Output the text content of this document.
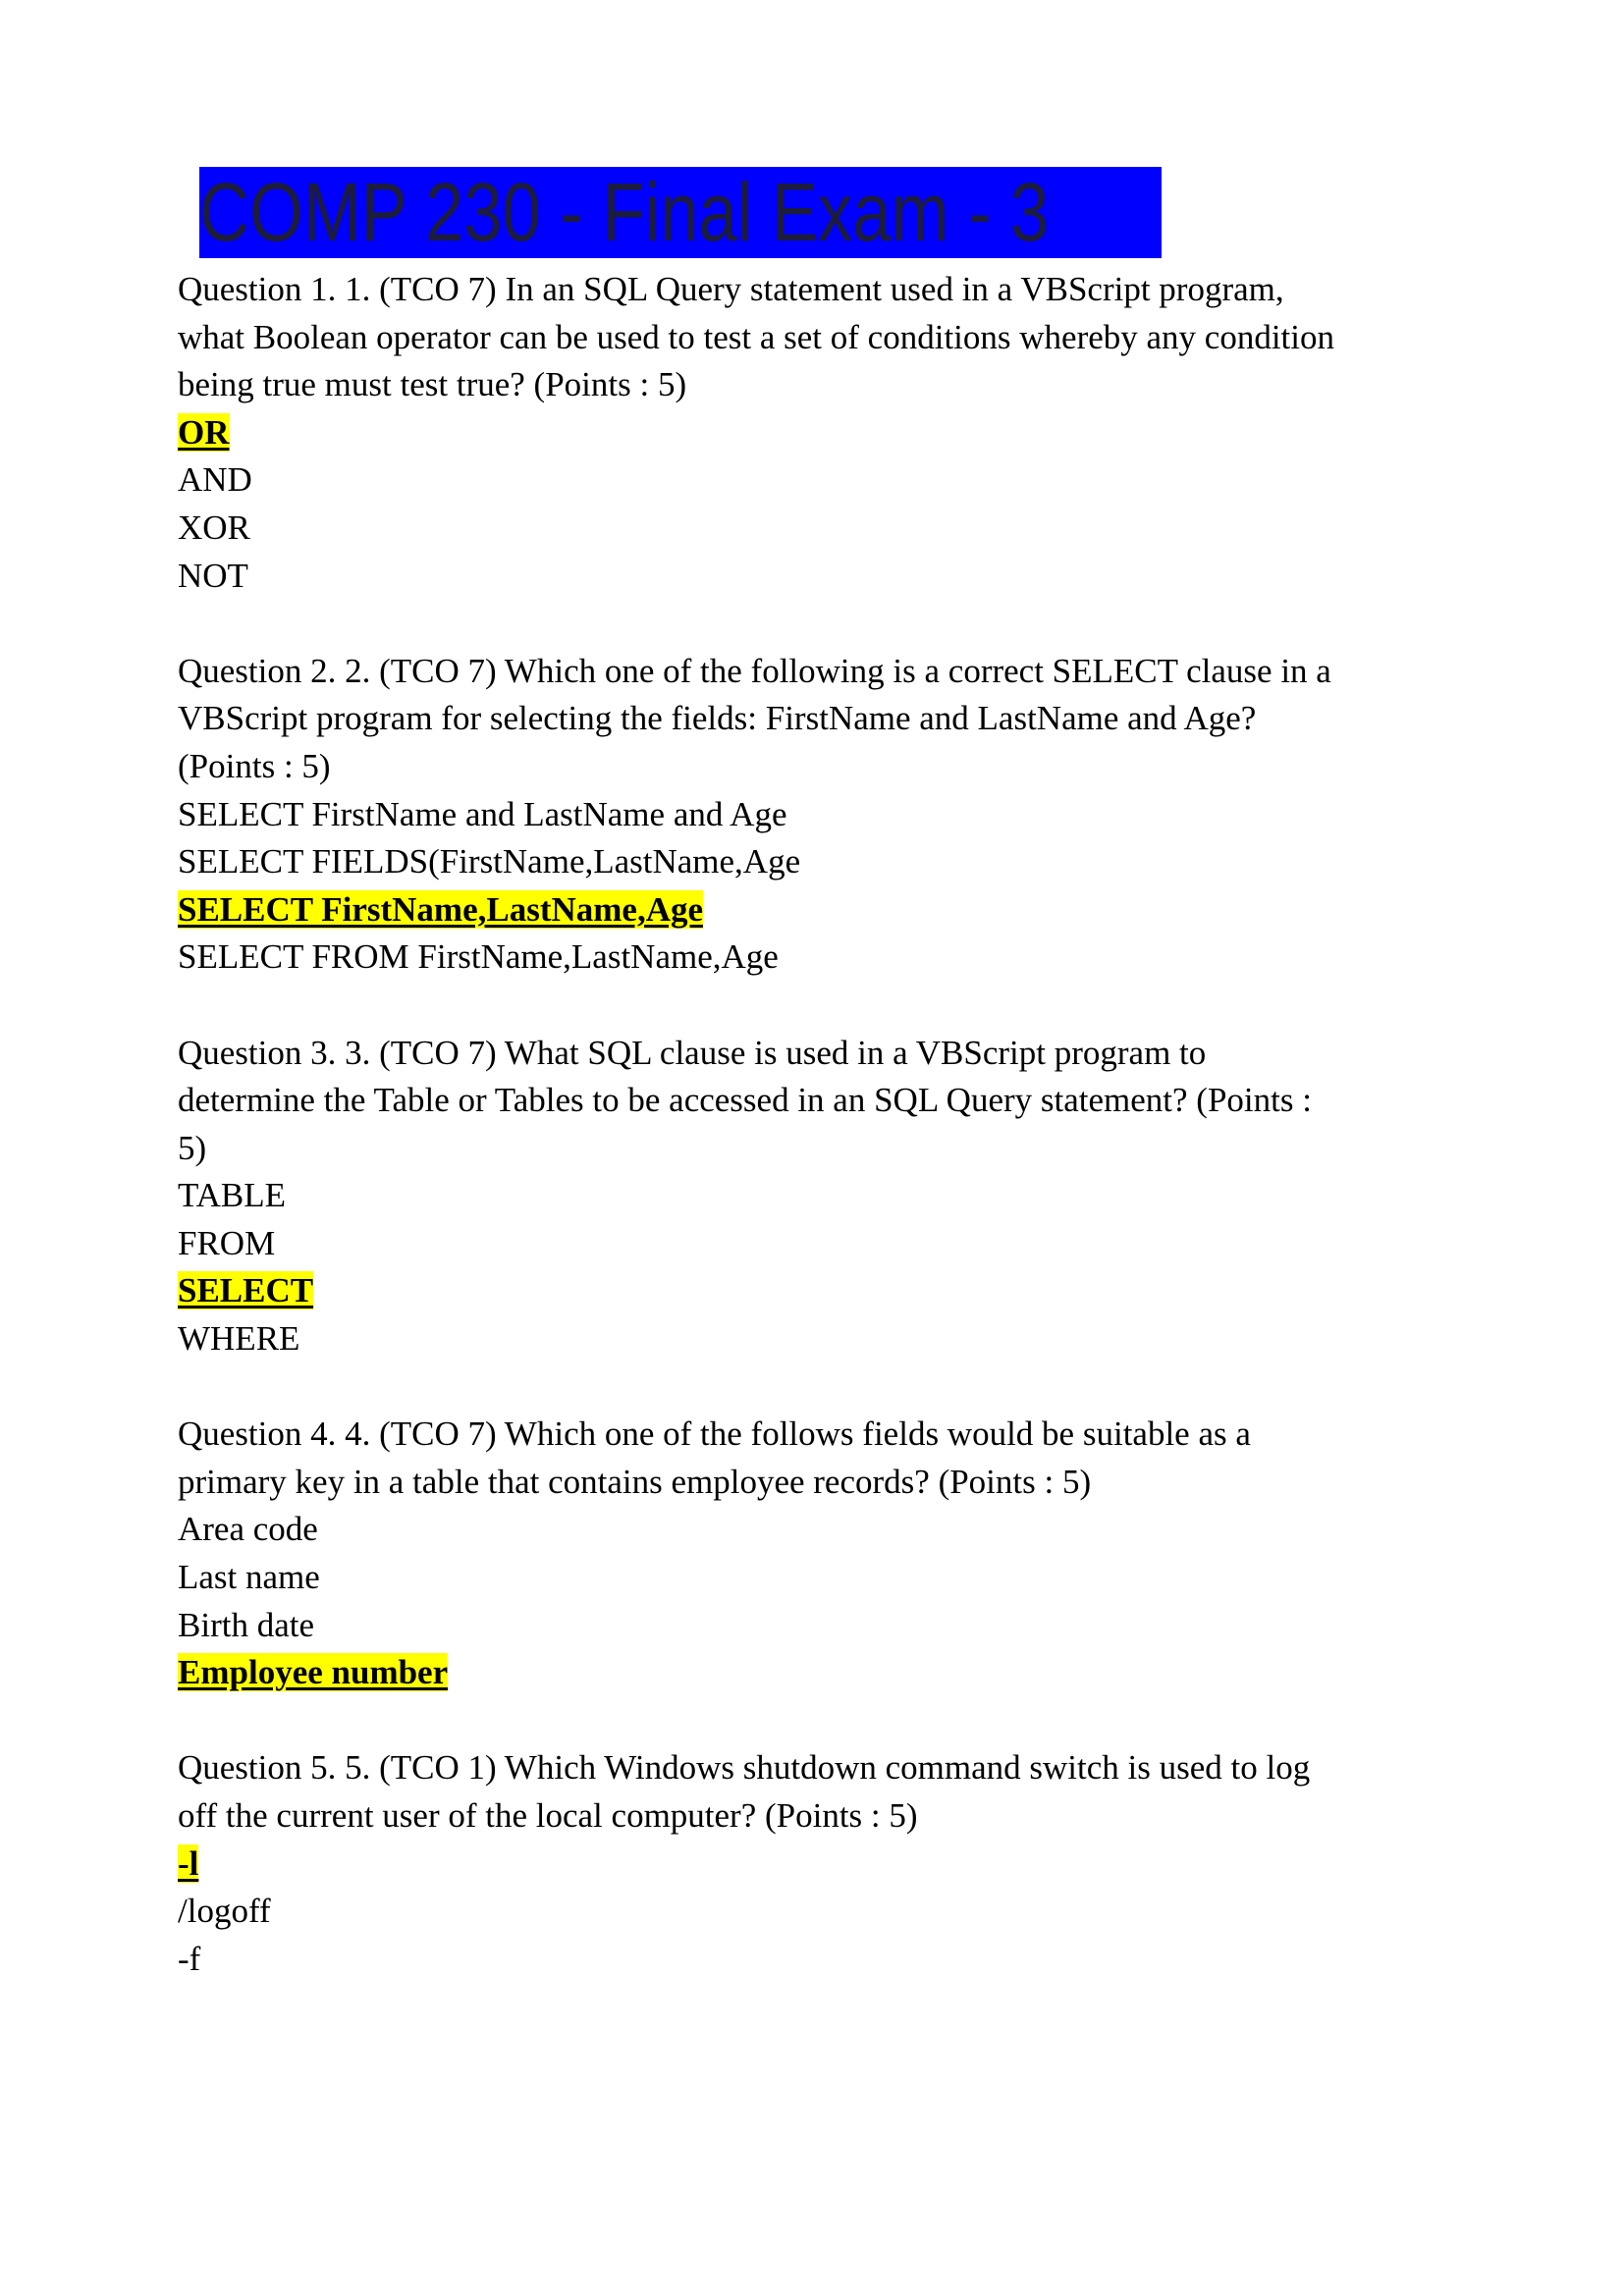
COMP 230 - Final Exam - 3
Question 1. 1. (TCO 7) In an SQL Query statement used in a VBScript program,
what Boolean operator can be used to test a set of conditions whereby any condition
being true must test true? (Points : 5)
OR
AND
XOR
NOT
Question 2. 2. (TCO 7) Which one of the following is a correct SELECT clause in a
VBScript program for selecting the fields: FirstName and LastName and Age?
(Points : 5)
SELECT FirstName and LastName and Age
SELECT FIELDS(FirstName,LastName,Age
SELECT FirstName,LastName,Age
SELECT FROM FirstName,LastName,Age
Question 3. 3. (TCO 7) What SQL clause is used in a VBScript program to
determine the Table or Tables to be accessed in an SQL Query statement? (Points :
5)
TABLE
FROM
SELECT
WHERE
Question 4. 4. (TCO 7) Which one of the follows fields would be suitable as a
primary key in a table that contains employee records? (Points : 5)
Area code
Last name
Birth date
Employee number
Question 5. 5. (TCO 1) Which Windows shutdown command switch is used to log
off the current user of the local computer? (Points : 5)
-l
/logoff
-f
